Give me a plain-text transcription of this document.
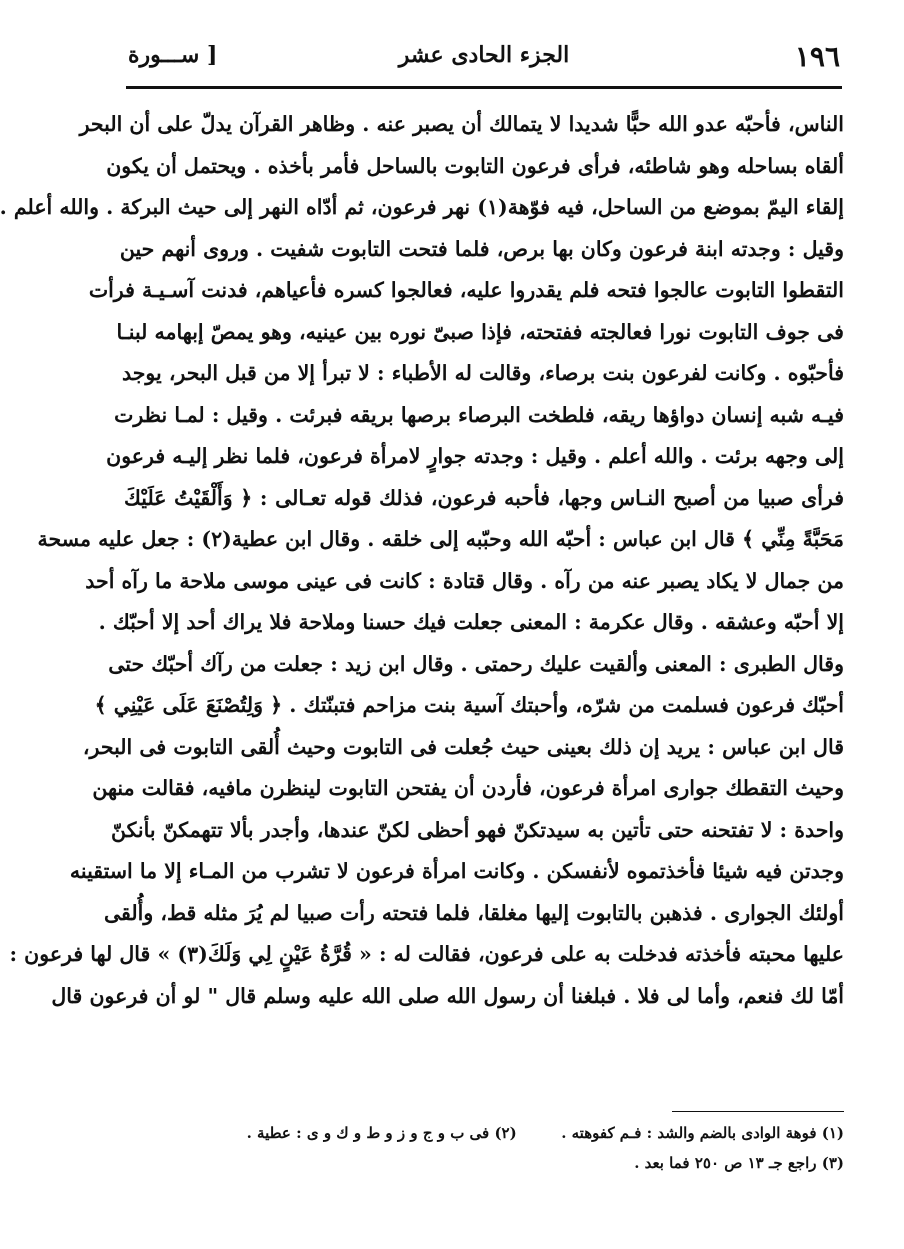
١٩٦
الجزء الحادى عشر
[ ســـورة
الناس، فأحبّه عدو الله حبًّا شديدا لا يتمالك أن يصبر عنه . وظاهر القرآن يدلّ على أن البحر
ألقاه بساحله وهو شاطئه، فرأى فرعون التابوت بالساحل فأمر بأخذه . ويحتمل أن يكون
إلقاء اليمّ بموضع من الساحل، فيه فوّهة(١) نهر فرعون، ثم أدّاه النهر إلى حيث البركة . والله أعلم .
وقيل : وجدته ابنة فرعون وكان بها برص، فلما فتحت التابوت شفيت . وروى أنهم حين
التقطوا التابوت عالجوا فتحه فلم يقدروا عليه، فعالجوا كسره فأعياهم، فدنت آسـيـة فرأت
فى جوف التابوت نورا فعالجته ففتحته، فإذا صبىّ نوره بين عينيه، وهو يمصّ إبهامه لبنـا
فأحبّوه . وكانت لفرعون بنت برصاء، وقالت له الأطباء : لا تبرأ إلا من قبل البحر، يوجد
فيـه شبه إنسان دواؤها ريقه، فلطخت البرصاء برصها بريقه فبرئت . وقيل : لمـا نظرت
إلى وجهه برئت . والله أعلم . وقيل : وجدته جوارٍ لامرأة فرعون، فلما نظر إليـه فرعون
فرأى صبيا من أصبح النـاس وجها، فأحبه فرعون، فذلك قوله تعـالى : ﴿ وَأَلْقَيْتُ عَلَيْكَ
مَحَبَّةً مِنِّي ﴾ قال ابن عباس : أحبّه الله وحبّبه إلى خلقه . وقال ابن عطية(٢) : جعل عليه مسحة
من جمال لا يكاد يصبر عنه من رآه . وقال قتادة : كانت فى عينى موسى ملاحة ما رآه أحد
إلا أحبّه وعشقه . وقال عكرمة : المعنى جعلت فيك حسنا وملاحة فلا يراك أحد إلا أحبّك .
وقال الطبرى : المعنى وألقيت عليك رحمتى . وقال ابن زيد : جعلت من رآك أحبّك حتى
أحبّك فرعون فسلمت من شرّه، وأحبتك آسية بنت مزاحم فتبنّتك . ﴿ وَلِتُصْنَعَ عَلَى عَيْنِي ﴾
قال ابن عباس : يريد إن ذلك بعينى حيث جُعلت فى التابوت وحيث أُلقى التابوت فى البحر،
وحيث التقطك جوارى امرأة فرعون، فأردن أن يفتحن التابوت لينظرن مافيه، فقالت منهن
واحدة : لا تفتحنه حتى تأتين به سيدتكنّ فهو أحظى لكنّ عندها، وأجدر بألا تتهمكنّ بأنكنّ
وجدتن فيه شيئا فأخذتموه لأنفسكن . وكانت امرأة فرعون لا تشرب من المـاء إلا ما استقينه
أولئك الجوارى . فذهبن بالتابوت إليها مغلقا، فلما فتحته رأت صبيا لم يُرَ مثله قط، وأُلقى
عليها محبته فأخذته فدخلت به على فرعون، فقالت له : « قُرَّةُ عَيْنٍ لِي وَلَكَ(٣) » قال لها فرعون :
أمّا لك فنعم، وأما لى فلا . فبلغنا أن رسول الله صلى الله عليه وسلم قال " لو أن فرعون قال
(١) فوهة الوادى بالضم والشد : فـم كفوهته .  (٢) فى ب و ج و ز و ط و ك و ى : عطية .
(٣) راجع جـ ١٣ ص ٢٥٠ فما بعد .
